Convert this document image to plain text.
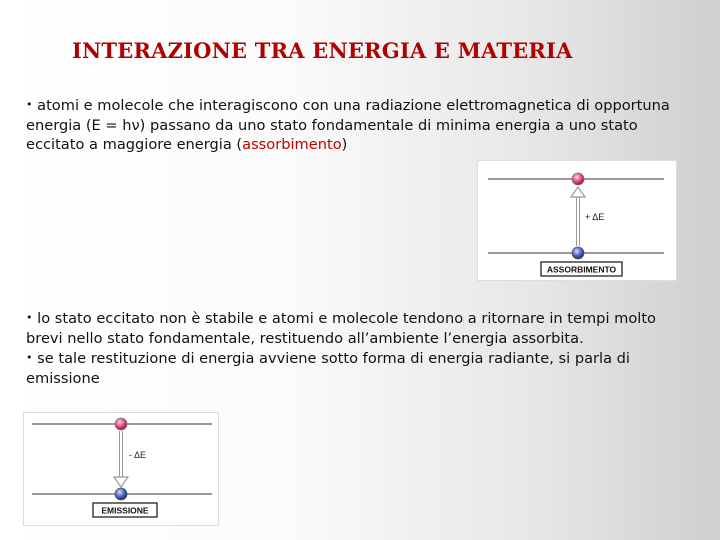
INTERAZIONE TRA ENERGIA E MATERIA
• atomi e molecole che interagiscono con una radiazione elettromagnetica di opportuna energia (E = hν) passano da uno stato fondamentale di minima energia a uno stato eccitato a maggiore energia (assorbimento)
+ ΔE
ASSORBIMENTO
• lo stato eccitato non è stabile e atomi e molecole tendono a ritornare in tempi molto brevi nello stato fondamentale, restituendo all’ambiente l’energia assorbita.
• se tale restituzione di energia avviene sotto forma di energia radiante, si parla di emissione
- ΔE
EMISSIONE
